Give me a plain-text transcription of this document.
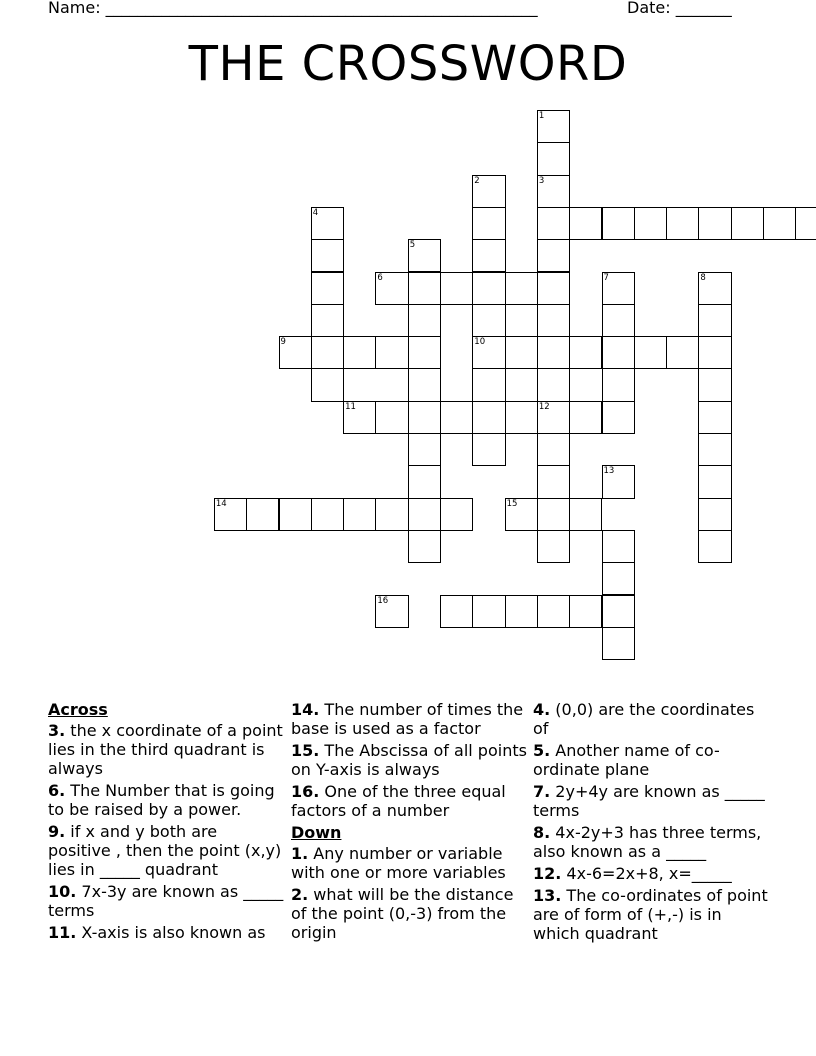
Name: ______________________________________________________	Date: _______
THE CROSSWORD
1
3
2
4
5
6	7	8
9	10
11	12
14	15
13
16
Across
3. the x coordinate of a point lies in the third quadrant is always
6. The Number that is going to be raised by a power.
9. if x and y both are positive , then the point (x,y) lies in _____ quadrant
10. 7x-3y are known as _____ terms
11. X-axis is also known as
14. The number of times the base is used as a factor
15. The Abscissa of all points on Y-axis is always
16. One of the three equal factors of a number
Down
1. Any number or variable with one or more variables
2. what will be the distance of the point (0,-3) from the origin
4. (0,0) are the coordinates of
5. Another name of co-ordinate plane
7. 2y+4y are known as _____ terms
8. 4x-2y+3 has three terms, also known as a _____
12. 4x-6=2x+8, x=_____
13. The co-ordinates of point are of form of (+,-) is in which quadrant
